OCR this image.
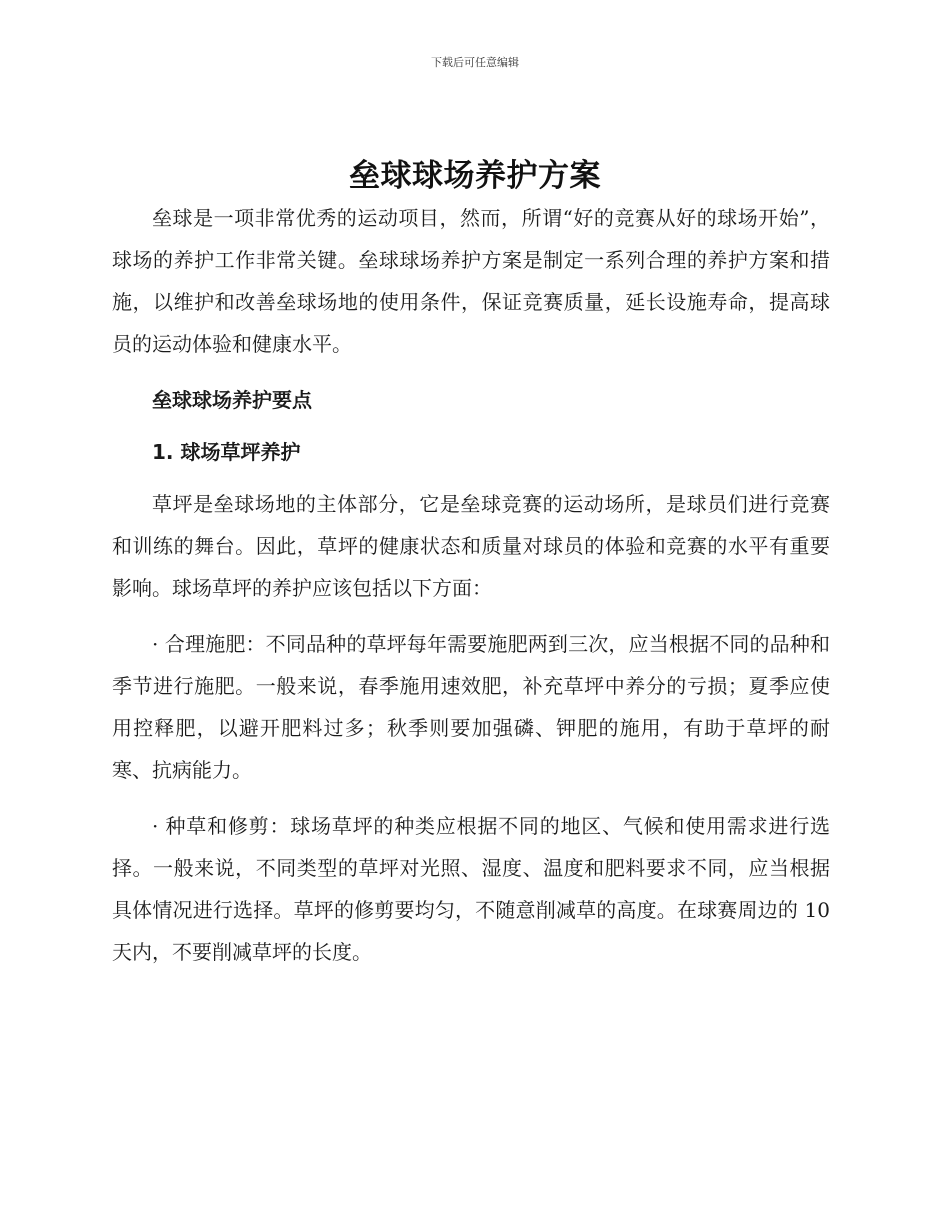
下载后可任意编辑
垒球球场养护方案

垒球是一项非常优秀的运动项目，然而，所谓“好的竞赛从好的球场开始”，球场的养护工作非常关键。垒球球场养护方案是制定一系列合理的养护方案和措施，以维护和改善垒球场地的使用条件，保证竞赛质量，延长设施寿命，提高球员的运动体验和健康水平。

垒球球场养护要点

1. 球场草坪养护

草坪是垒球场地的主体部分，它是垒球竞赛的运动场所，是球员们进行竞赛和训练的舞台。因此，草坪的健康状态和质量对球员的体验和竞赛的水平有重要影响。球场草坪的养护应该包括以下方面：

· 合理施肥：不同品种的草坪每年需要施肥两到三次，应当根据不同的品种和季节进行施肥。一般来说，春季施用速效肥，补充草坪中养分的亏损；夏季应使用控释肥，以避开肥料过多；秋季则要加强磷、钾肥的施用，有助于草坪的耐寒、抗病能力。

· 种草和修剪：球场草坪的种类应根据不同的地区、气候和使用需求进行选择。一般来说，不同类型的草坪对光照、湿度、温度和肥料要求不同，应当根据具体情况进行选择。草坪的修剪要均匀，不随意削减草的高度。在球赛周边的 10 天内，不要削减草坪的长度。
